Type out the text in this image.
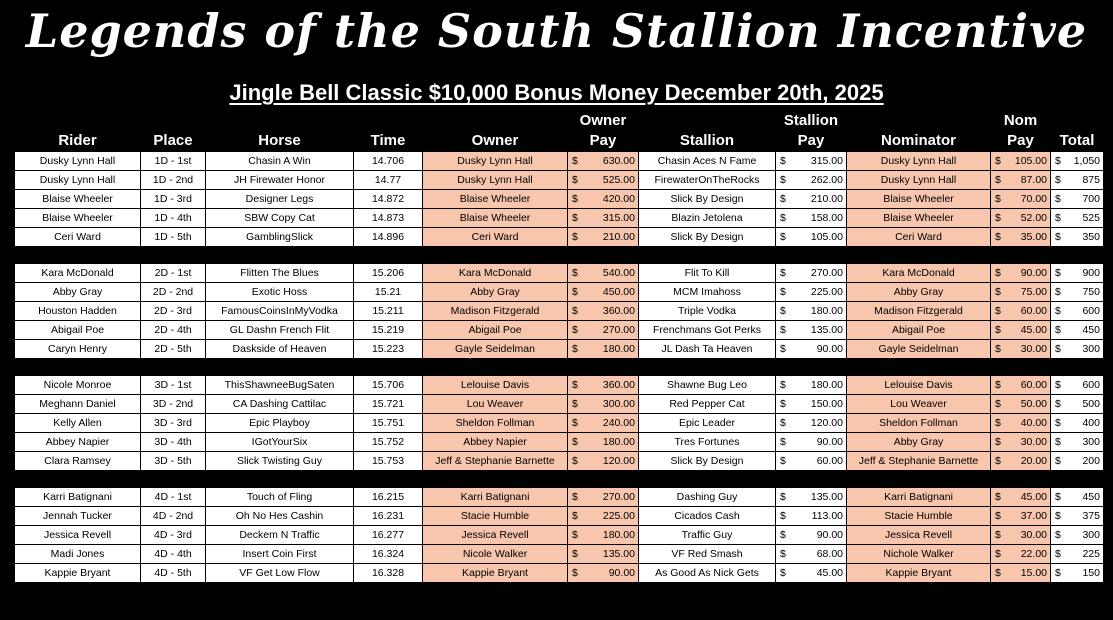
Legends of the South Stallion Incentive
Jingle Bell Classic $10,000 Bonus Money December 20th, 2025
					Owner		Stallion		Nom	
Rider	Place	Horse	Time	Owner	Pay	Stallion	Pay	Nominator	Pay	Total
Dusky Lynn Hall	1D - 1st	Chasin A Win	14.706	Dusky Lynn Hall	$ 630.00	Chasin Aces N Fame	$ 315.00	Dusky Lynn Hall	$ 105.00	$ 1,050
Dusky Lynn Hall	1D - 2nd	JH Firewater Honor	14.77	Dusky Lynn Hall	$ 525.00	FirewaterOnTheRocks	$ 262.00	Dusky Lynn Hall	$ 87.00	$ 875
Blaise Wheeler	1D - 3rd	Designer Legs	14.872	Blaise Wheeler	$ 420.00	Slick By Design	$ 210.00	Blaise Wheeler	$ 70.00	$ 700
Blaise Wheeler	1D - 4th	SBW Copy Cat	14.873	Blaise Wheeler	$ 315.00	Blazin Jetolena	$ 158.00	Blaise Wheeler	$ 52.00	$ 525
Ceri Ward	1D - 5th	GamblingSlick	14.896	Ceri Ward	$ 210.00	Slick By Design	$ 105.00	Ceri Ward	$ 35.00	$ 350

Kara McDonald	2D - 1st	Flitten The Blues	15.206	Kara McDonald	$ 540.00	Flit To Kill	$ 270.00	Kara McDonald	$ 90.00	$ 900
Abby Gray	2D - 2nd	Exotic Hoss	15.21	Abby Gray	$ 450.00	MCM Imahoss	$ 225.00	Abby Gray	$ 75.00	$ 750
Houston Hadden	2D - 3rd	FamousCoinsInMyVodka	15.211	Madison Fitzgerald	$ 360.00	Triple Vodka	$ 180.00	Madison Fitzgerald	$ 60.00	$ 600
Abigail Poe	2D - 4th	GL Dashn French Flit	15.219	Abigail Poe	$ 270.00	Frenchmans Got Perks	$ 135.00	Abigail Poe	$ 45.00	$ 450
Caryn Henry	2D - 5th	Daskside of Heaven	15.223	Gayle Seidelman	$ 180.00	JL Dash Ta Heaven	$ 90.00	Gayle Seidelman	$ 30.00	$ 300

Nicole Monroe	3D - 1st	ThisShawneeBugSaten	15.706	Lelouise Davis	$ 360.00	Shawne Bug Leo	$ 180.00	Lelouise Davis	$ 60.00	$ 600
Meghann Daniel	3D - 2nd	CA Dashing Cattilac	15.721	Lou Weaver	$ 300.00	Red Pepper Cat	$ 150.00	Lou Weaver	$ 50.00	$ 500
Kelly Allen	3D - 3rd	Epic Playboy	15.751	Sheldon Follman	$ 240.00	Epic Leader	$ 120.00	Sheldon Follman	$ 40.00	$ 400
Abbey Napier	3D - 4th	IGotYourSix	15.752	Abbey Napier	$ 180.00	Tres Fortunes	$ 90.00	Abby Gray	$ 30.00	$ 300
Clara Ramsey	3D - 5th	Slick Twisting Guy	15.753	Jeff & Stephanie Barnette	$ 120.00	Slick By Design	$ 60.00	Jeff & Stephanie Barnette	$ 20.00	$ 200

Karri Batignani	4D - 1st	Touch of Fling	16.215	Karri Batignani	$ 270.00	Dashing Guy	$ 135.00	Karri Batignani	$ 45.00	$ 450
Jennah Tucker	4D - 2nd	Oh No Hes Cashin	16.231	Stacie Humble	$ 225.00	Cicados Cash	$ 113.00	Stacie Humble	$ 37.00	$ 375
Jessica Revell	4D - 3rd	Deckem N Traffic	16.277	Jessica Revell	$ 180.00	Traffic Guy	$ 90.00	Jessica Revell	$ 30.00	$ 300
Madi Jones	4D - 4th	Insert Coin First	16.324	Nicole Walker	$ 135.00	VF Red Smash	$ 68.00	Nichole Walker	$ 22.00	$ 225
Kappie Bryant	4D - 5th	VF Get Low Flow	16.328	Kappie Bryant	$ 90.00	As Good As Nick Gets	$ 45.00	Kappie Bryant	$ 15.00	$ 150
